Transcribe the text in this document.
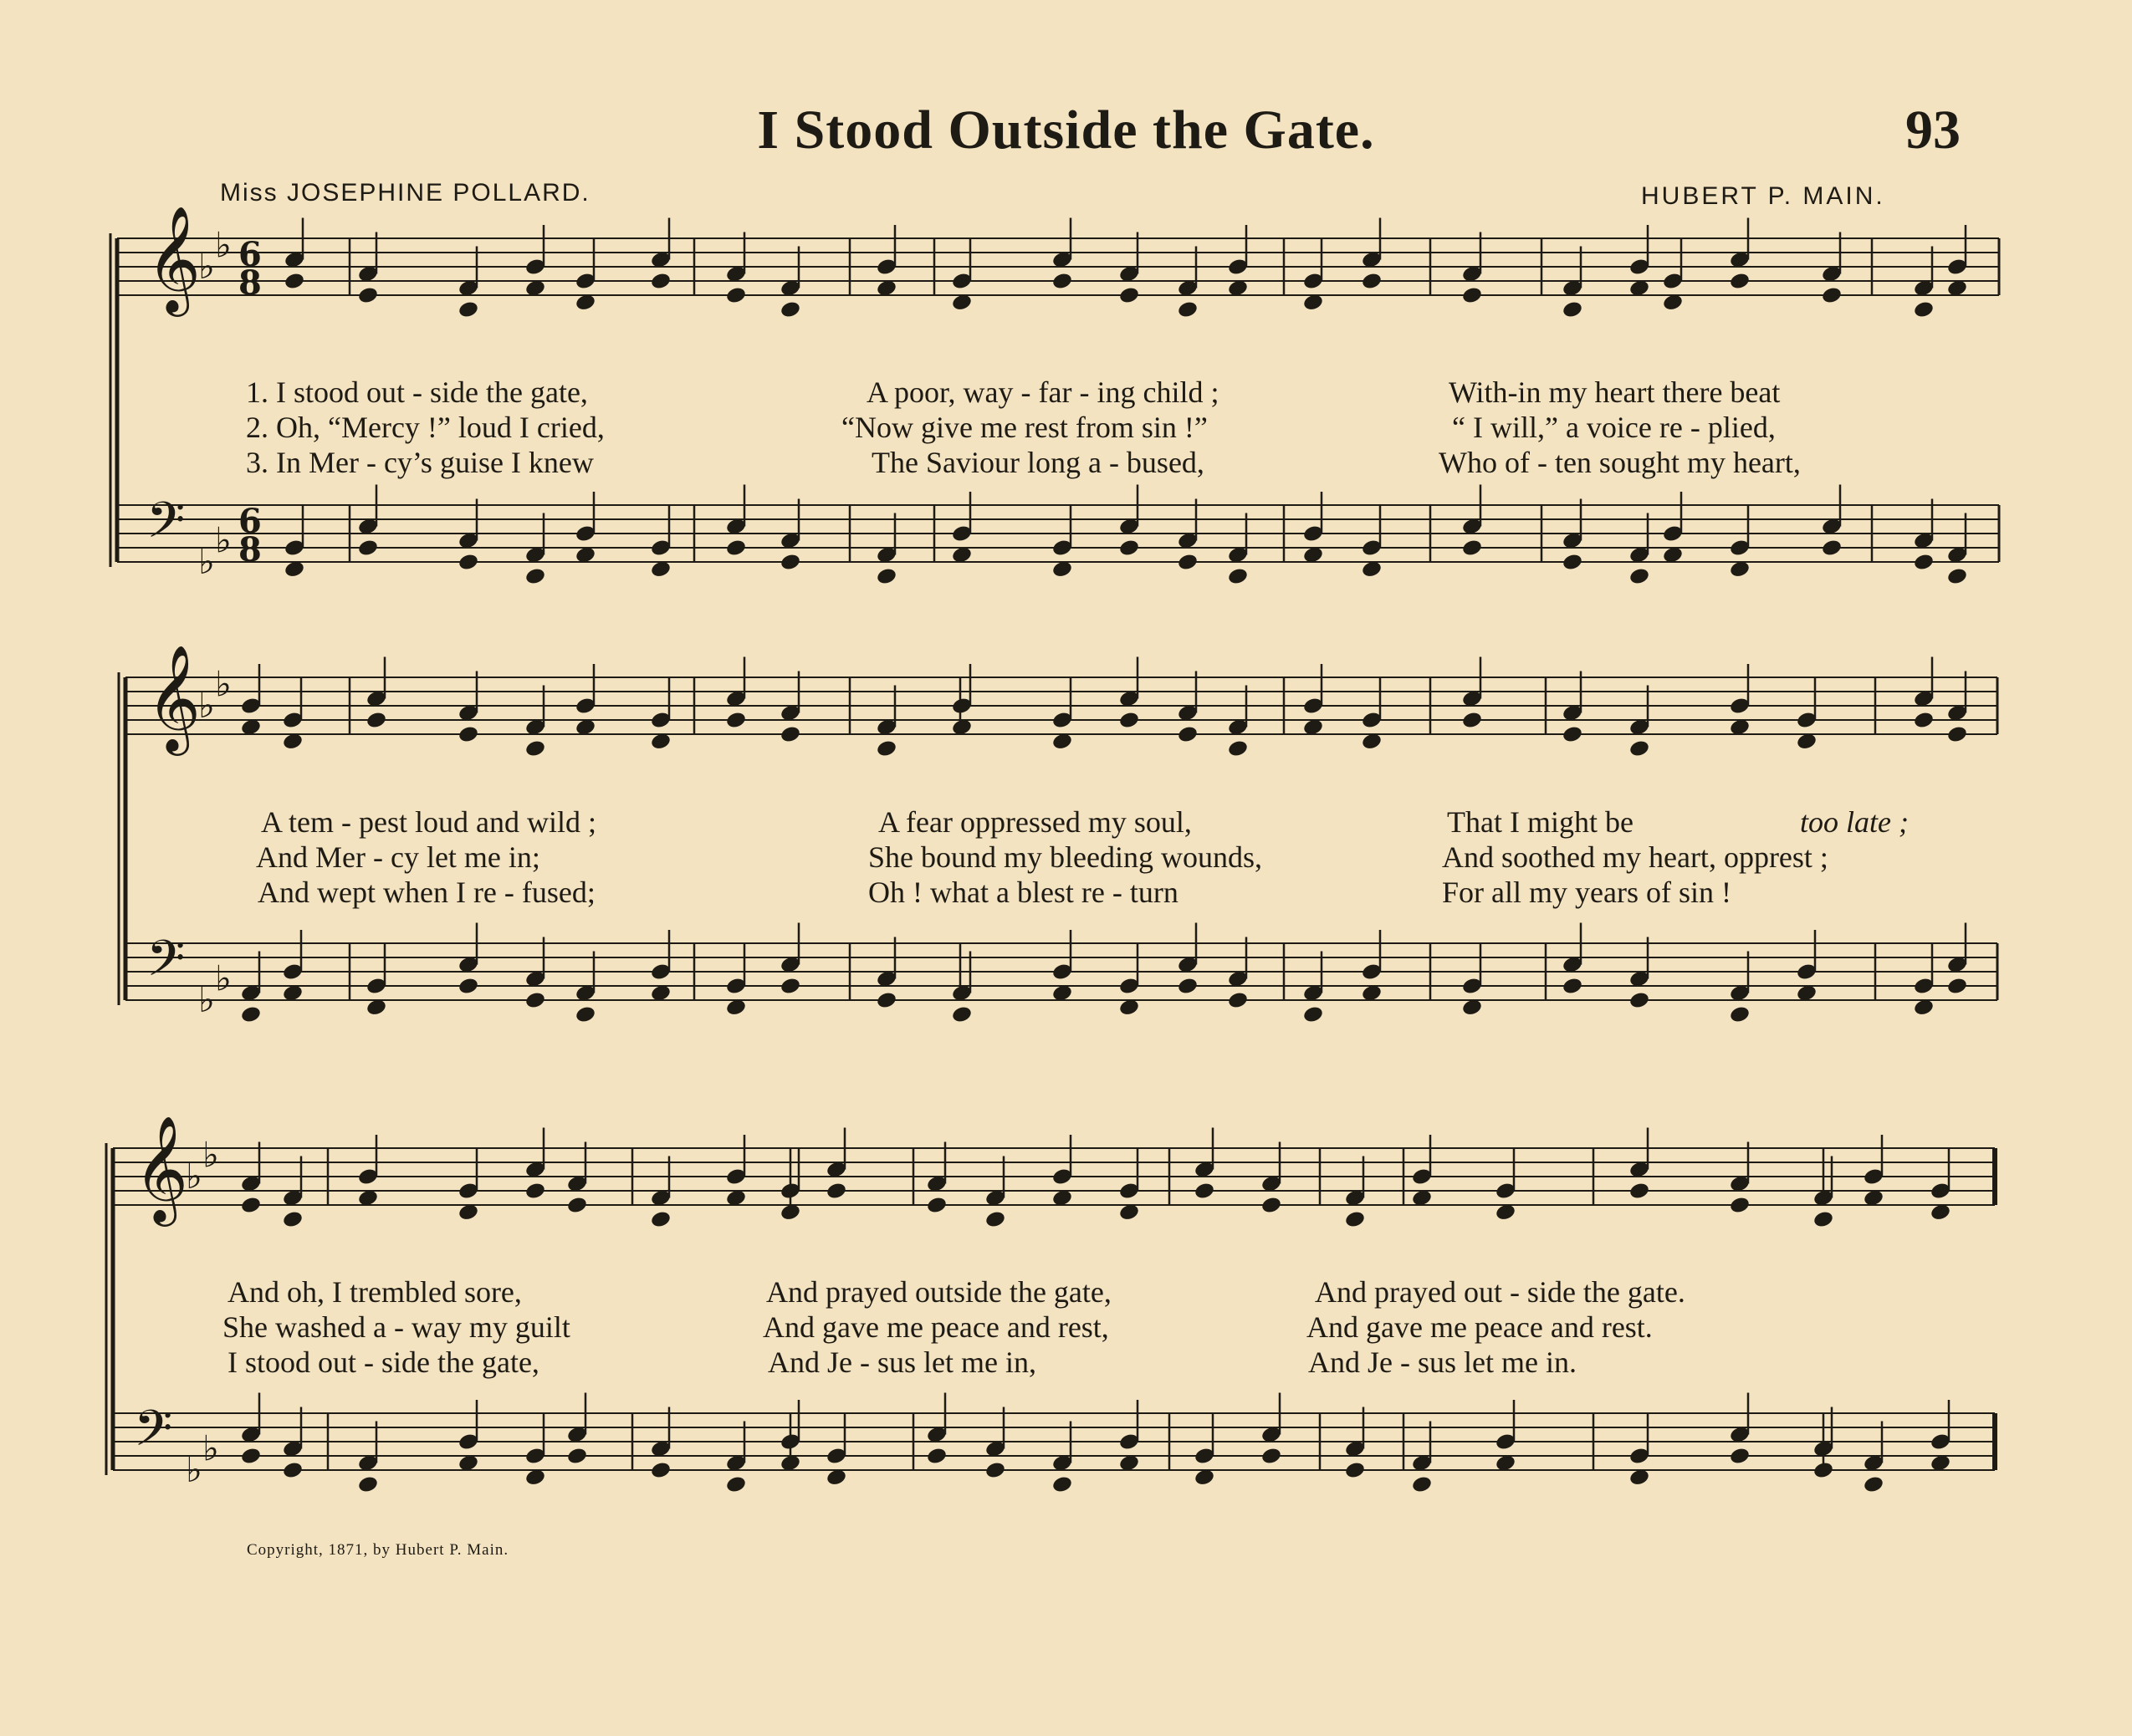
I Stood Outside the Gate.	93
Miss JOSEPHINE POLLARD.	HUBERT P. MAIN.
𝄞
♭
♭ 6
8
𝄢
♭
♭ 6
8
𝄞
♭
♭
𝄢
♭
♭
𝄞
♭
♭
𝄢
♭
♭
1. I stood out - side the gate,	A poor, way - far - ing child ;	With-in my heart there beat
2. Oh, “Mercy !” loud I cried,	“Now give me rest from sin !”	“ I will,” a voice re - plied,
3. In Mer - cy’s guise I knew	The Saviour long a - bused,	Who of - ten sought my heart,
A tem - pest loud and wild ;	A fear oppressed my soul,	That I might be	too late ;
And Mer - cy let me in;	She bound my bleeding wounds,	And soothed my heart, opprest ;
And wept when I re - fused;	Oh ! what a blest re - turn	For all my years of sin !
And oh, I trembled sore,	And prayed outside the gate,	And prayed out - side the gate.
She washed a - way my guilt	And gave me peace and rest,	And gave me peace and rest.
I stood out - side the gate,	And Je - sus let me in,	And Je - sus let me in.
Copyright, 1871, by Hubert P. Main.
